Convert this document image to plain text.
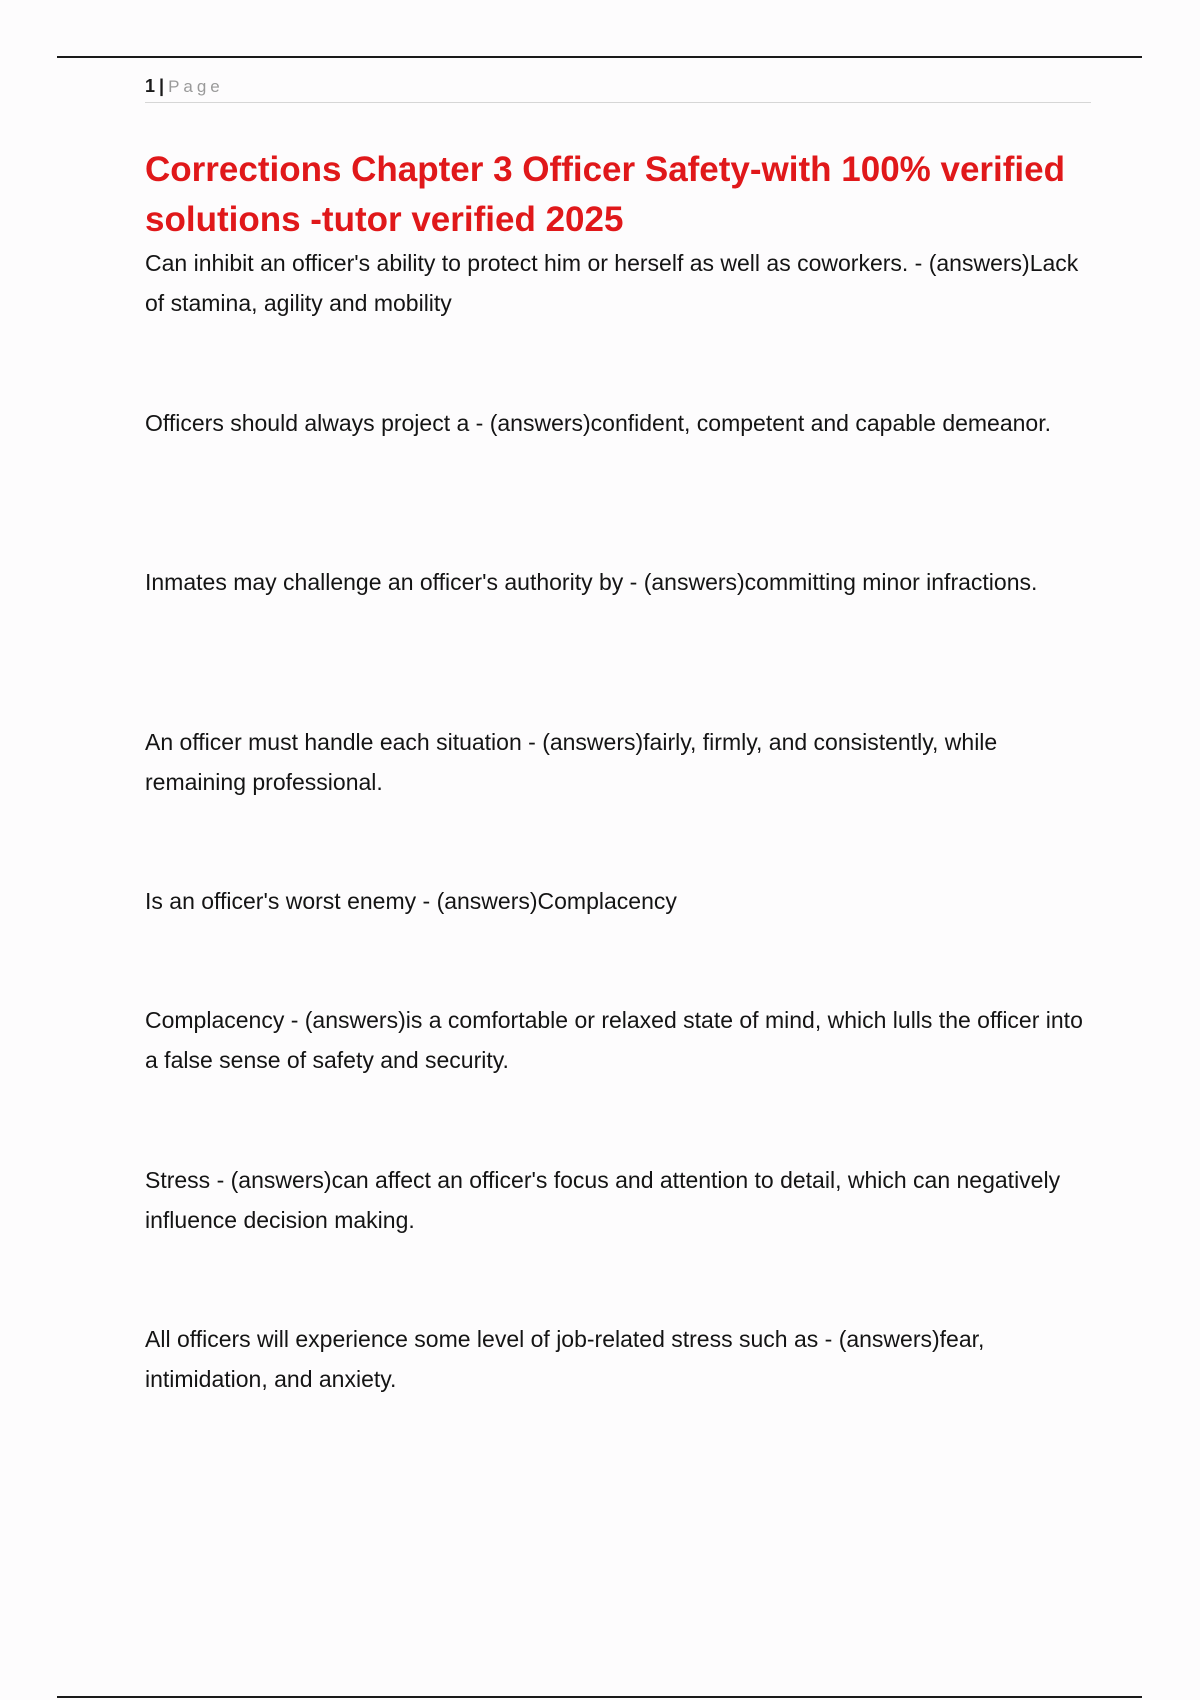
1 | Page
Corrections Chapter 3 Officer Safety-with 100% verified solutions -tutor verified 2025

Can inhibit an officer's ability to protect him or herself as well as coworkers. - (answers)Lack of stamina, agility and mobility

Officers should always project a - (answers)confident, competent and capable demeanor.

Inmates may challenge an officer's authority by - (answers)committing minor infractions.

An officer must handle each situation - (answers)fairly, firmly, and consistently, while remaining professional.

Is an officer's worst enemy - (answers)Complacency

Complacency - (answers)is a comfortable or relaxed state of mind, which lulls the officer into a false sense of safety and security.

Stress - (answers)can affect an officer's focus and attention to detail, which can negatively influence decision making.

All officers will experience some level of job-related stress such as - (answers)fear, intimidation, and anxiety.
